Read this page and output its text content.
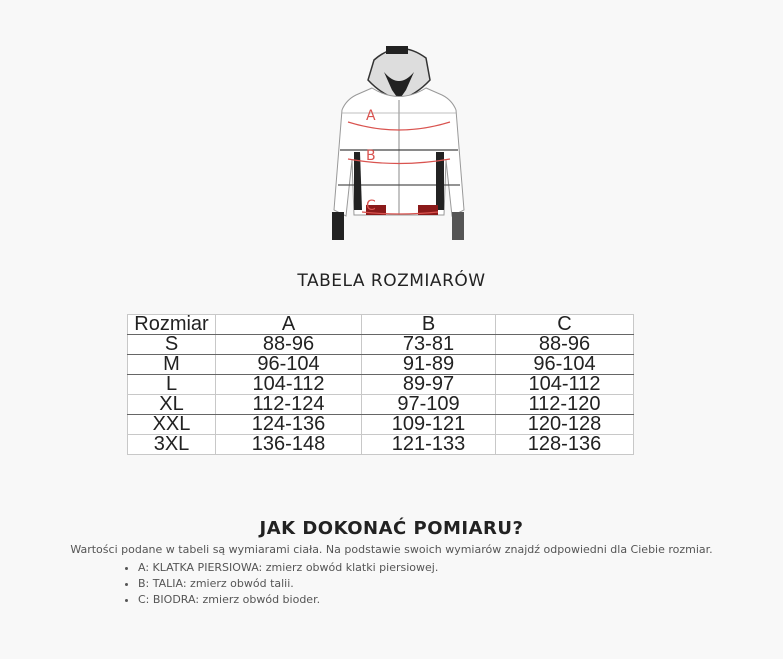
A
B
C
TABELA ROZMIARÓW
Rozmiar	A	B	C
S	88-96	73-81	88-96
M	96-104	91-89	96-104
L	104-112	89-97	104-112
XL	112-124	97-109	112-120
XXL	124-136	109-121	120-128
3XL	136-148	121-133	128-136
JAK DOKONAĆ POMIARU?

Wartości podane w tabeli są wymiarami ciała. Na podstawie swoich wymiarów znajdź odpowiedni dla Ciebie rozmiar.

• A: KLATKA PIERSIOWA: zmierz obwód klatki piersiowej.
• B: TALIA: zmierz obwód talii.
• C: BIODRA: zmierz obwód bioder.
